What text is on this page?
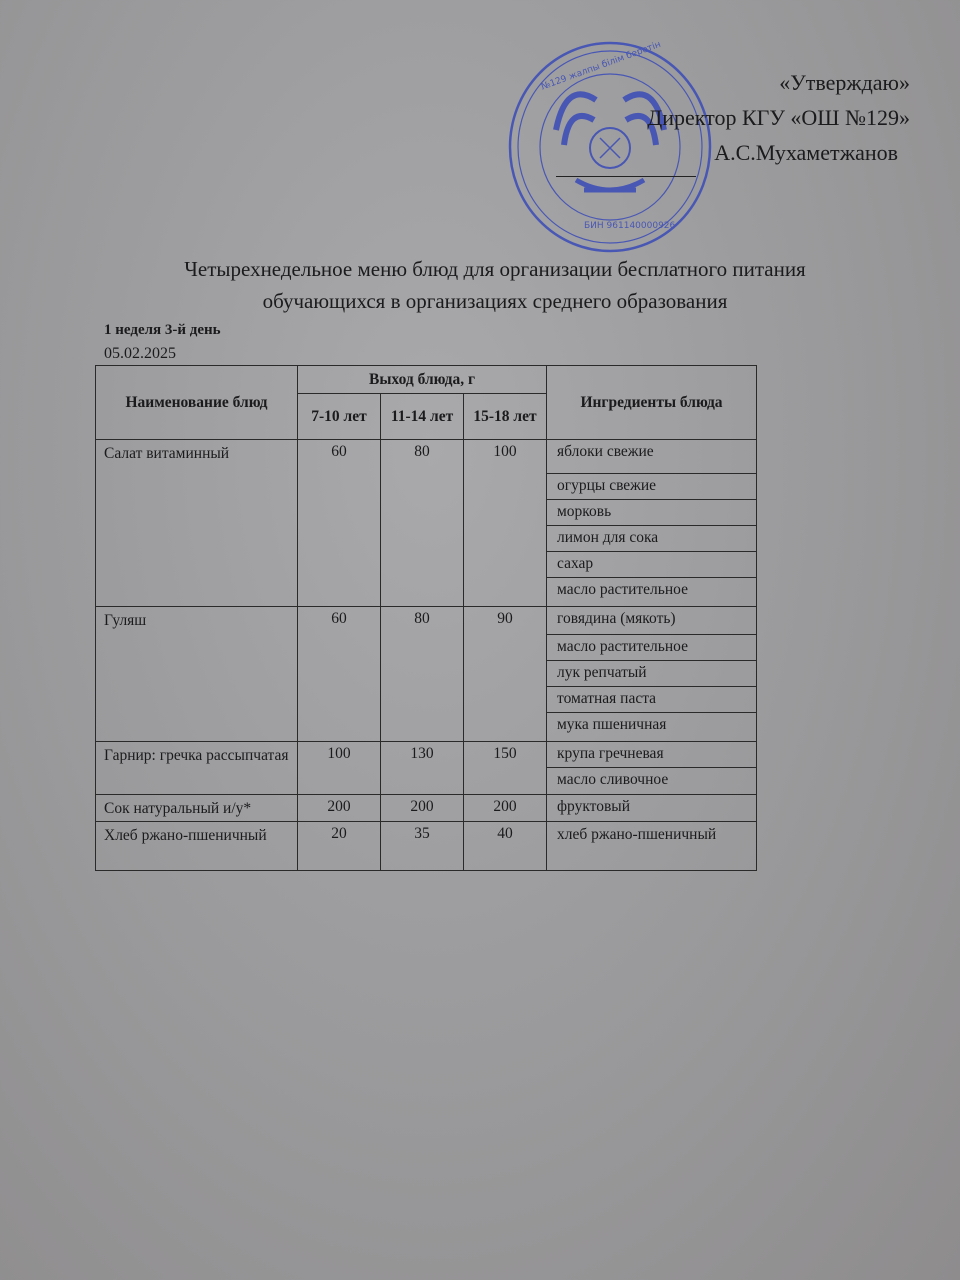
№129 жалпы білім беретін
БИН 961140000926
«Утверждаю»
Директор КГУ «ОШ №129»
А.С.Мухаметжанов
Четырехнедельное меню блюд для организации бесплатного питания
обучающихся в организациях среднего образования
1 неделя 3-й день
05.02.2025
Наименование блюд	Выход блюда, г			Ингредиенты блюда
	7-10 лет	11-14 лет	15-18 лет	

Салат витаминный	60	80	100	яблоки свежие
огурцы свежие
морковь
лимон для сока
сахар
масло растительное

Гуляш	60	80	90	говядина (мякоть)
масло растительное
лук репчатый
томатная паста
мука пшеничная

Гарнир: гречка рассыпчатая	100	130	150	крупа гречневая
масло сливочное

Сок натуральный и/у*	200	200	200	фруктовый

Хлеб ржано-пшеничный	20	35	40	хлеб ржано-пшеничный
